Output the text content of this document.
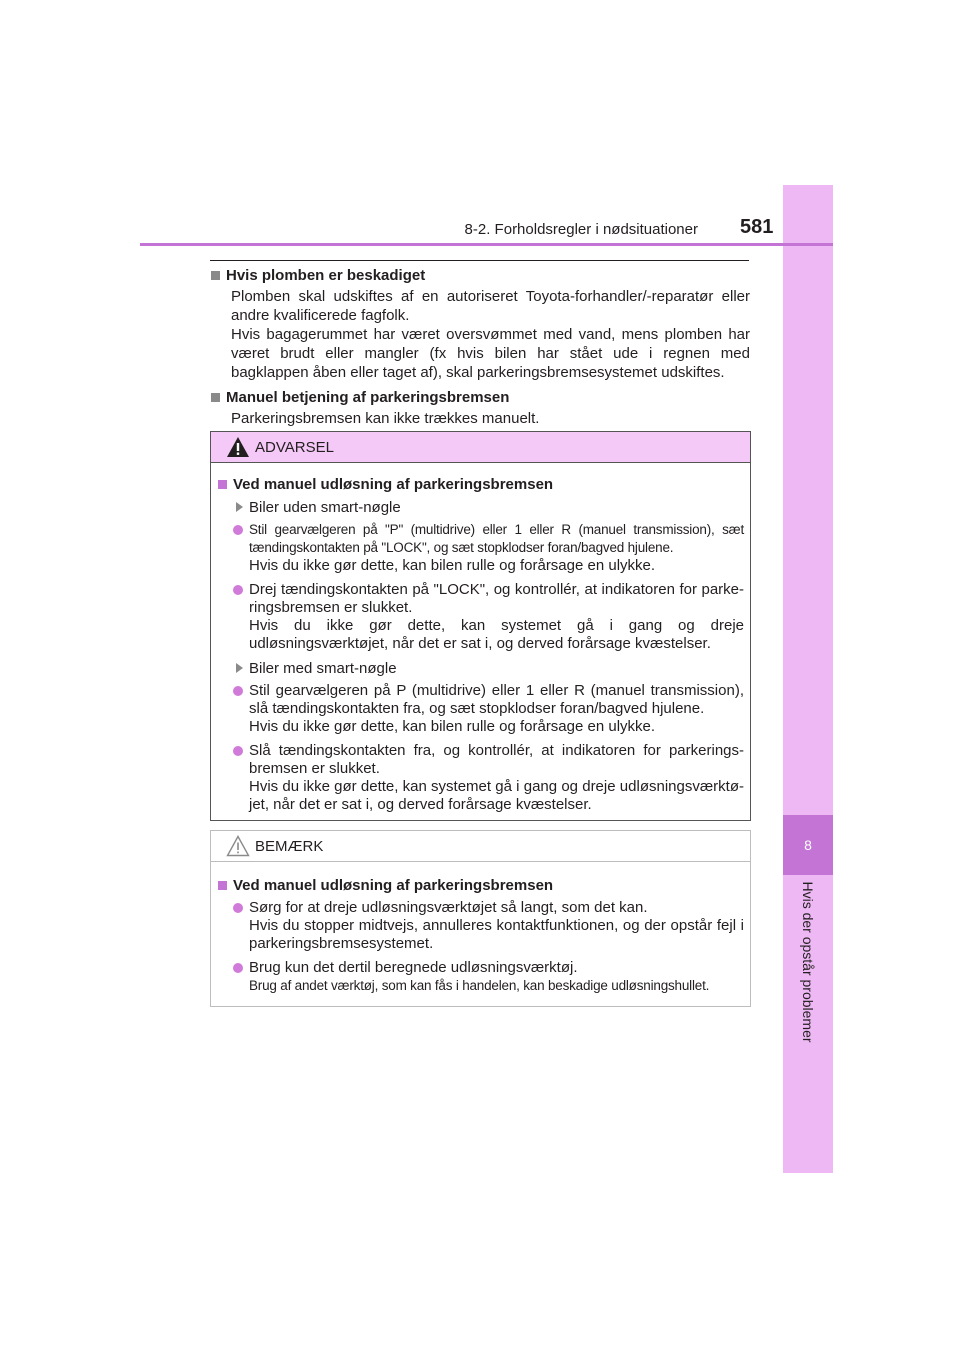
8
Hvis der opstår problemer
8-2. Forholdsregler i nødsituationer 581
Hvis plomben er beskadiget

Plomben skal udskiftes af en autoriseret Toyota-forhandler/-reparatør eller andre kvalificerede fagfolk.

Hvis bagagerummet har været oversvømmet med vand, mens plomben har været brudt eller mangler (fx hvis bilen har stået ude i regnen med bagklappen åben eller taget af), skal parkeringsbremsesystemet udskiftes.

Manuel betjening af parkeringsbremsen

Parkeringsbremsen kan ikke trækkes manuelt.

ADVARSEL
Ved manuel udløsning af parkeringsbremsen
Biler uden smart-nøgle
Stil gearvælgeren på "P" (multidrive) eller 1 eller R (manuel transmission), sæt tændingskontakten på "LOCK", og sæt stopklodser foran/bagved hjulene.
Hvis du ikke gør dette, kan bilen rulle og forårsage en ulykke.
Drej tændingskontakten på "LOCK", og kontrollér, at indikatoren for parke-ringsbremsen er slukket.
Hvis du ikke gør dette, kan systemet gå i gang og dreje udløsningsværktøjet, når det er sat i, og derved forårsage kvæstelser.
Biler med smart-nøgle
Stil gearvælgeren på P (multidrive) eller 1 eller R (manuel transmission), slå tændingskontakten fra, og sæt stopklodser foran/bagved hjulene.
Hvis du ikke gør dette, kan bilen rulle og forårsage en ulykke.
Slå tændingskontakten fra, og kontrollér, at indikatoren for parkerings-bremsen er slukket.
Hvis du ikke gør dette, kan systemet gå i gang og dreje udløsningsværktø-jet, når det er sat i, og derved forårsage kvæstelser.
BEMÆRK
Ved manuel udløsning af parkeringsbremsen
Sørg for at dreje udløsningsværktøjet så langt, som det kan.
Hvis du stopper midtvejs, annulleres kontaktfunktionen, og der opstår fejl i parkeringsbremsesystemet.
Brug kun det dertil beregnede udløsningsværktøj.
Brug af andet værktøj, som kan fås i handelen, kan beskadige udløsningshullet.
